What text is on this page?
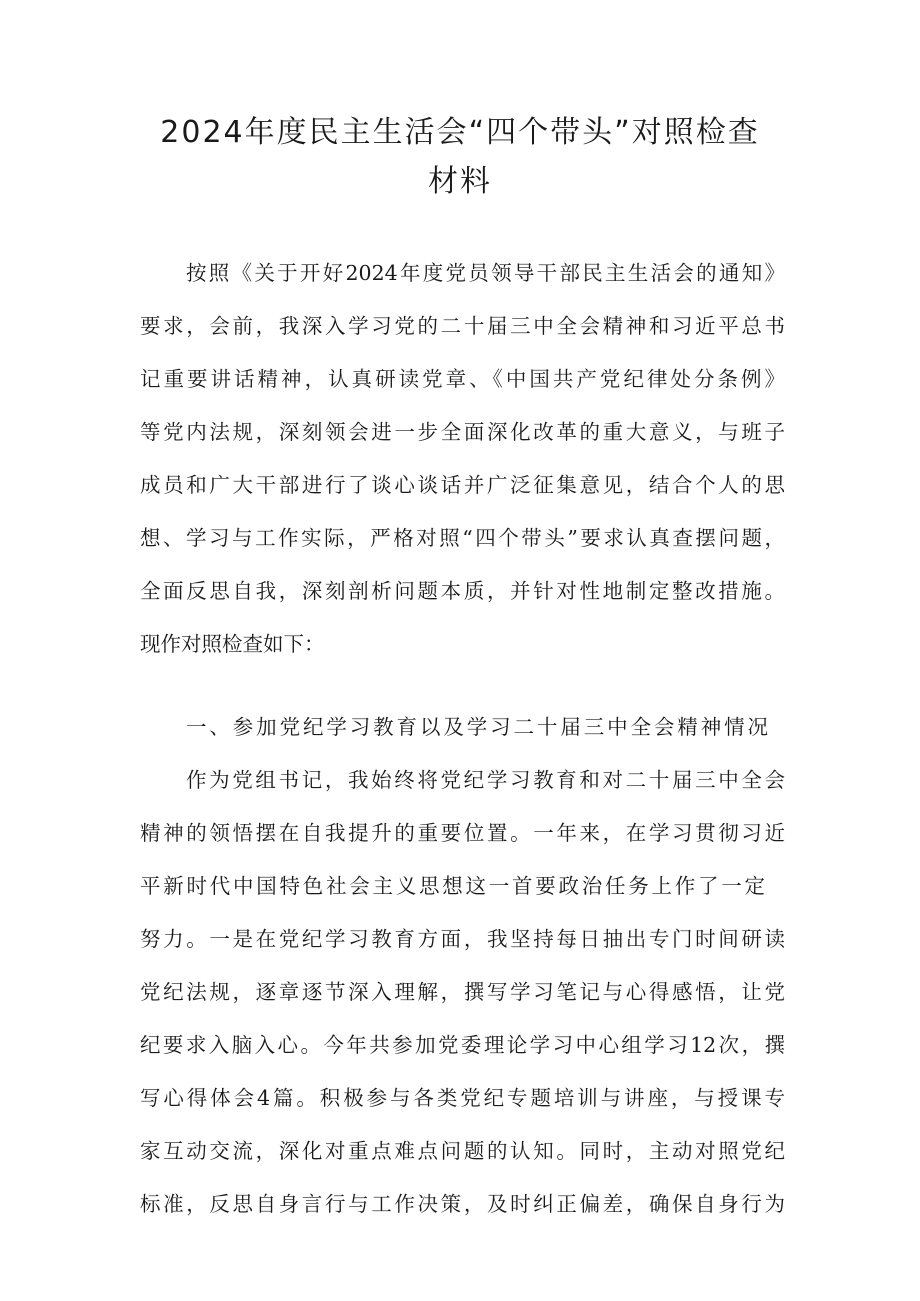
2024年度民主生活会“四个带头”对照检查
材料

按照《关于开好2024年度党员领导干部民主生活会的通知》

要求，会前，我深入学习党的二十届三中全会精神和习近平总书

记重要讲话精神，认真研读党章、《中国共产党纪律处分条例》

等党内法规，深刻领会进一步全面深化改革的重大意义，与班子

成员和广大干部进行了谈心谈话并广泛征集意见，结合个人的思

想、学习与工作实际，严格对照“四个带头”要求认真查摆问题，

全面反思自我，深刻剖析问题本质，并针对性地制定整改措施。

现作对照检查如下：

一、参加党纪学习教育以及学习二十届三中全会精神情况

作为党组书记，我始终将党纪学习教育和对二十届三中全会

精神的领悟摆在自我提升的重要位置。一年来，在学习贯彻习近

平新时代中国特色社会主义思想这一首要政治任务上作了一定

努力。一是在党纪学习教育方面，我坚持每日抽出专门时间研读

党纪法规，逐章逐节深入理解，撰写学习笔记与心得感悟，让党

纪要求入脑入心。今年共参加党委理论学习中心组学习12次，撰

写心得体会4篇。积极参与各类党纪专题培训与讲座，与授课专

家互动交流，深化对重点难点问题的认知。同时，主动对照党纪

标准，反思自身言行与工作决策，及时纠正偏差，确保自身行为
